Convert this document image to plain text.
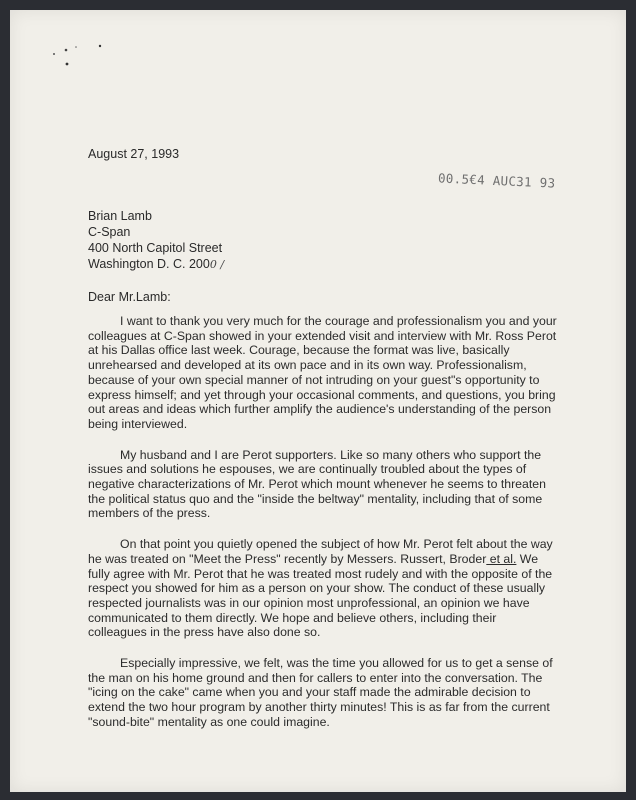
August 27, 1993
00.5€4 AUC31 93
Brian Lamb
C-Span
400 North Capitol Street
Washington D. C. 2000 /
Dear Mr.Lamb:

I want to thank you very much for the courage and professionalism you and your colleagues at C-Span showed in your extended visit and interview with Mr. Ross Perot at his Dallas office last week. Courage, because the format was live, basically unrehearsed and developed at its own pace and in its own way. Professionalism, because of your own special manner of not intruding on your guest"s opportunity to express himself; and yet through your occasional comments, and questions, you bring out areas and ideas which further amplify the audience's understanding of the person being interviewed.

My husband and I are Perot supporters. Like so many others who support the issues and solutions he espouses, we are continually troubled about the types of negative characterizations of Mr. Perot which mount whenever he seems to threaten the political status quo and the "inside the beltway" mentality, including that of some members of the press.

On that point you quietly opened the subject of how Mr. Perot felt about the way he was treated on "Meet the Press" recently by Messers. Russert, Broder et al. We fully agree with Mr. Perot that he was treated most rudely and with the opposite of the respect you showed for him as a person on your show. The conduct of these usually respected journalists was in our opinion most unprofessional, an opinion we have communicated to them directly. We hope and believe others, including their colleagues in the press have also done so.

Especially impressive, we felt, was the time you allowed for us to get a sense of the man on his home ground and then for callers to enter into the conversation. The "icing on the cake" came when you and your staff made the admirable decision to extend the two hour program by another thirty minutes! This is as far from the current "sound-bite" mentality as one could imagine.
